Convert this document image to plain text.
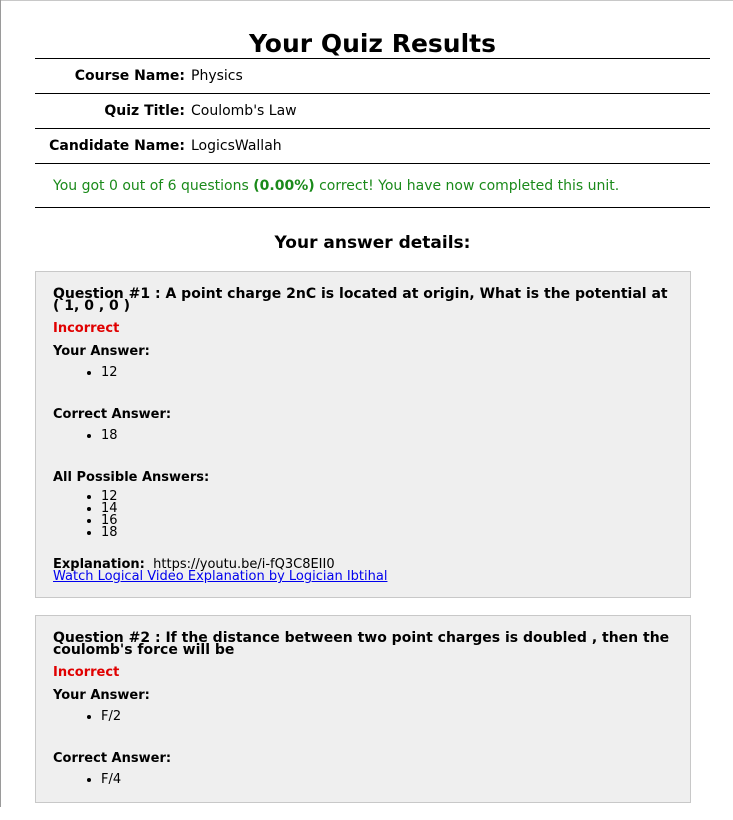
Your Quiz Results
Course Name:	Physics
Quiz Title:	Coulomb's Law
Candidate Name:	LogicsWallah
You got 0 out of 6 questions (0.00%) correct! You have now completed this unit.
Your answer details:
Question #1 : A point charge 2nC is located at origin, What is the potential at ( 1, 0 , 0 )
Incorrect
Your Answer:
• 12
Correct Answer:
• 18
All Possible Answers:
• 12
• 14
• 16
• 18
Explanation: https://youtu.be/i-fQ3C8EII0
Watch Logical Video Explanation by Logician Ibtihal
Question #2 : If the distance between two point charges is doubled , then the coulomb's force will be
Incorrect
Your Answer:
• F/2
Correct Answer:
• F/4
